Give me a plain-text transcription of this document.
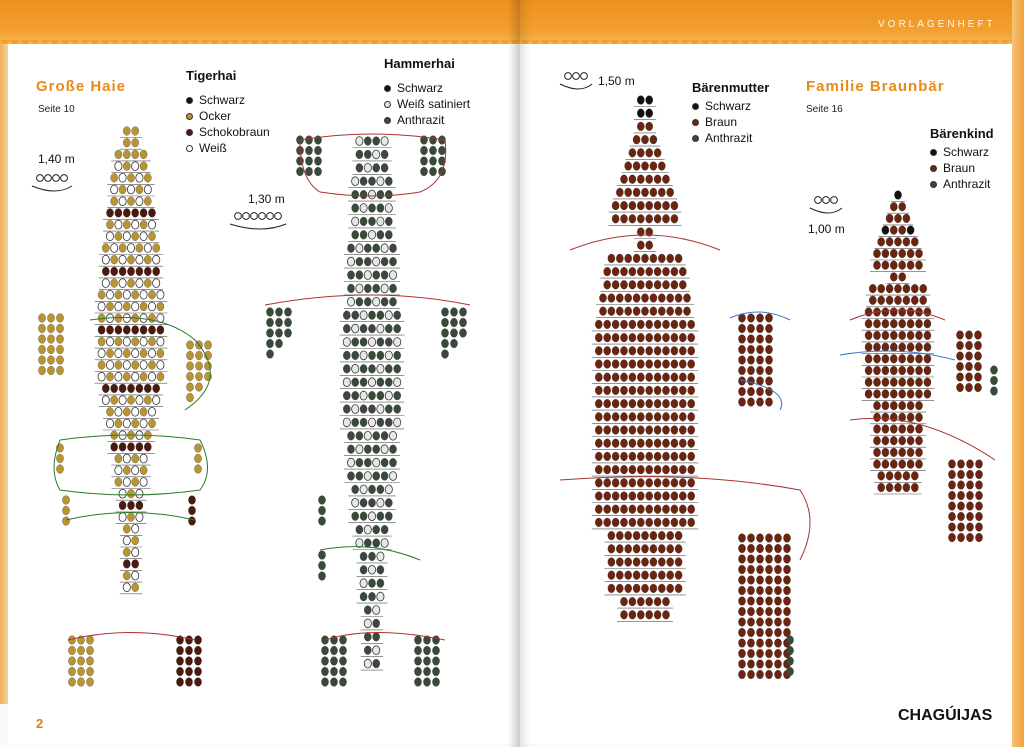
VORLAGENHEFT
Große Haie
Seite 10
Tigerhai
Schwarz
Ocker
Schokobraun
Weiß
1,40 m
Hammerhai
Schwarz
Weiß satiniert
Anthrazit
1,30 m
2
1,50 m	Bärenmutter
Schwarz
Braun
Anthrazit
Familie Braunbär
Seite 16
Bärenkind
Schwarz
Braun
Anthrazit
1,00 m
CHAGÚIJAS
